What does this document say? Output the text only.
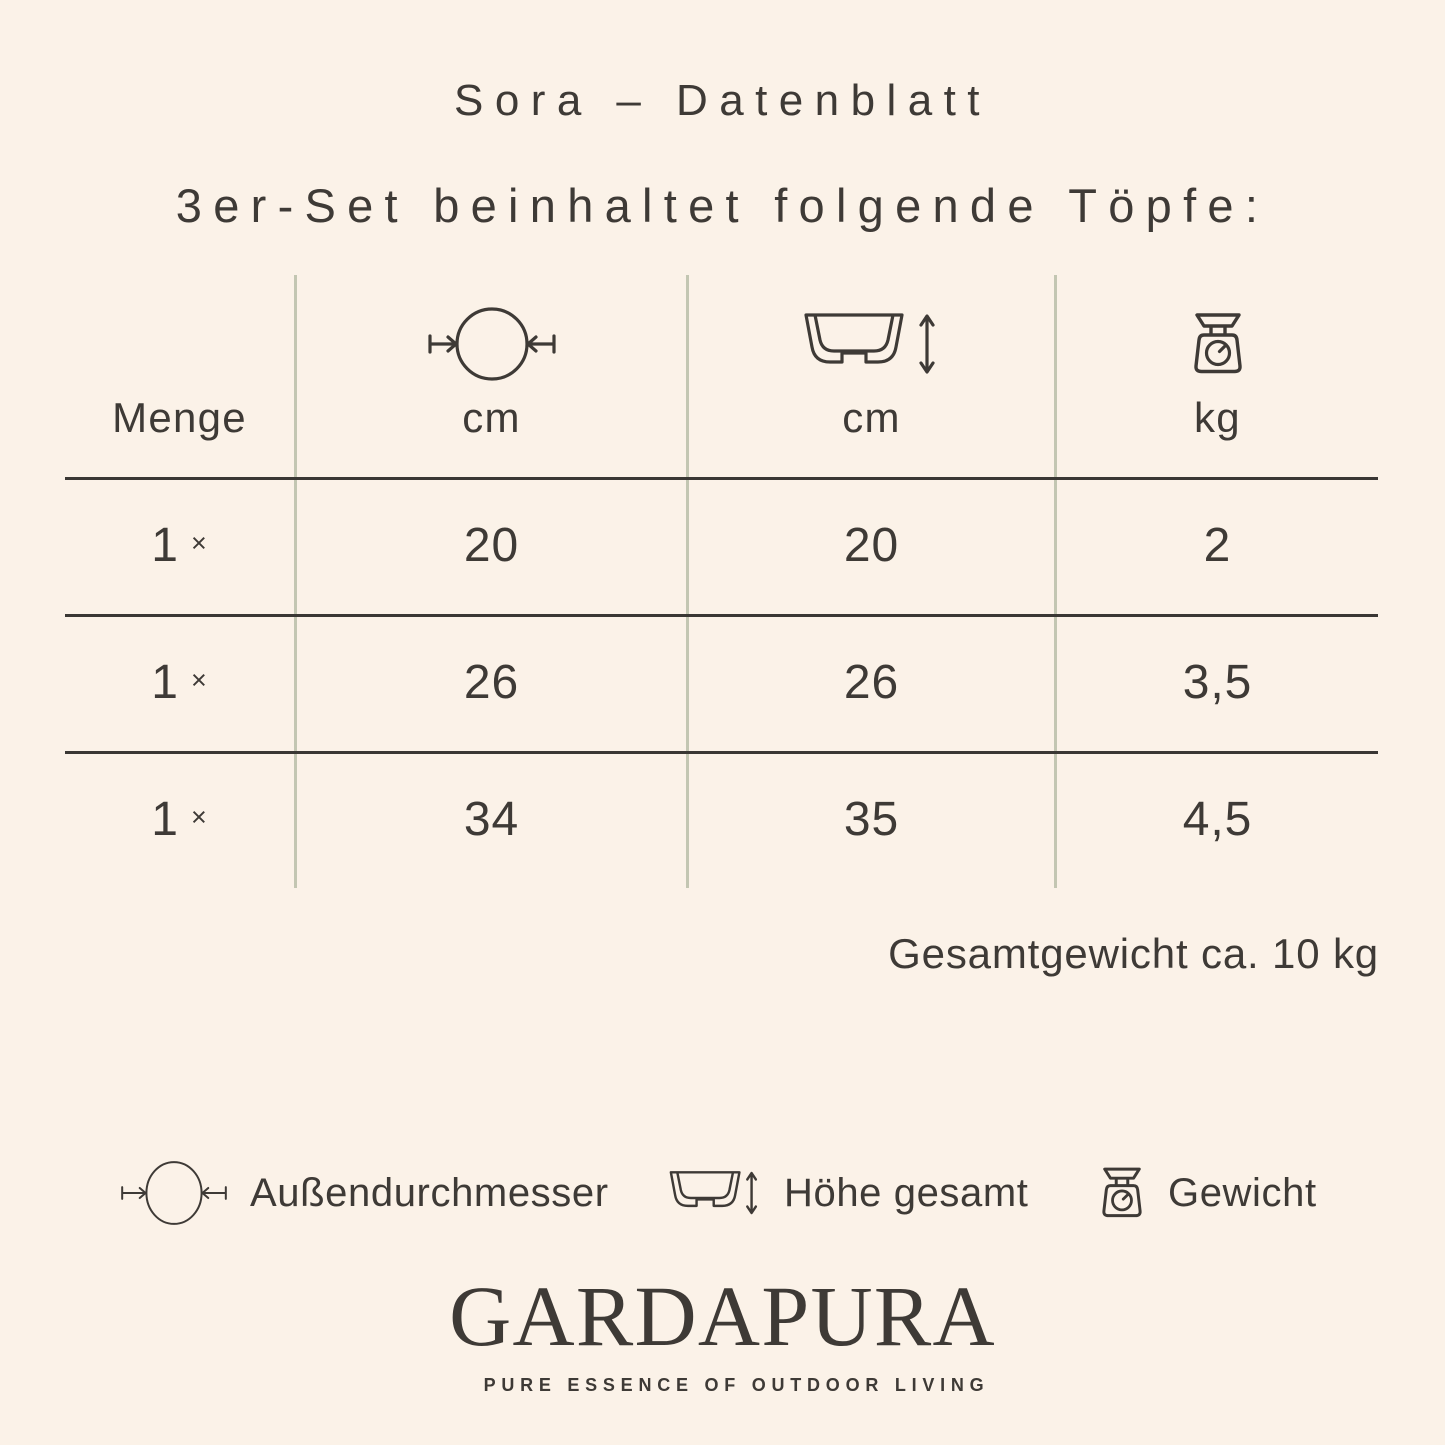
Sora – Datenblatt
3er-Set beinhaltet folgende Töpfe:
Menge	cm	cm	kg
1 ×	20	20	2
1 ×	26	26	3,5
1 ×	34	35	4,5
Gesamtgewicht ca. 10 kg
Außendurchmesser	Höhe gesamt	Gewicht
GARDAPURA
PURE ESSENCE OF OUTDOOR LIVING
